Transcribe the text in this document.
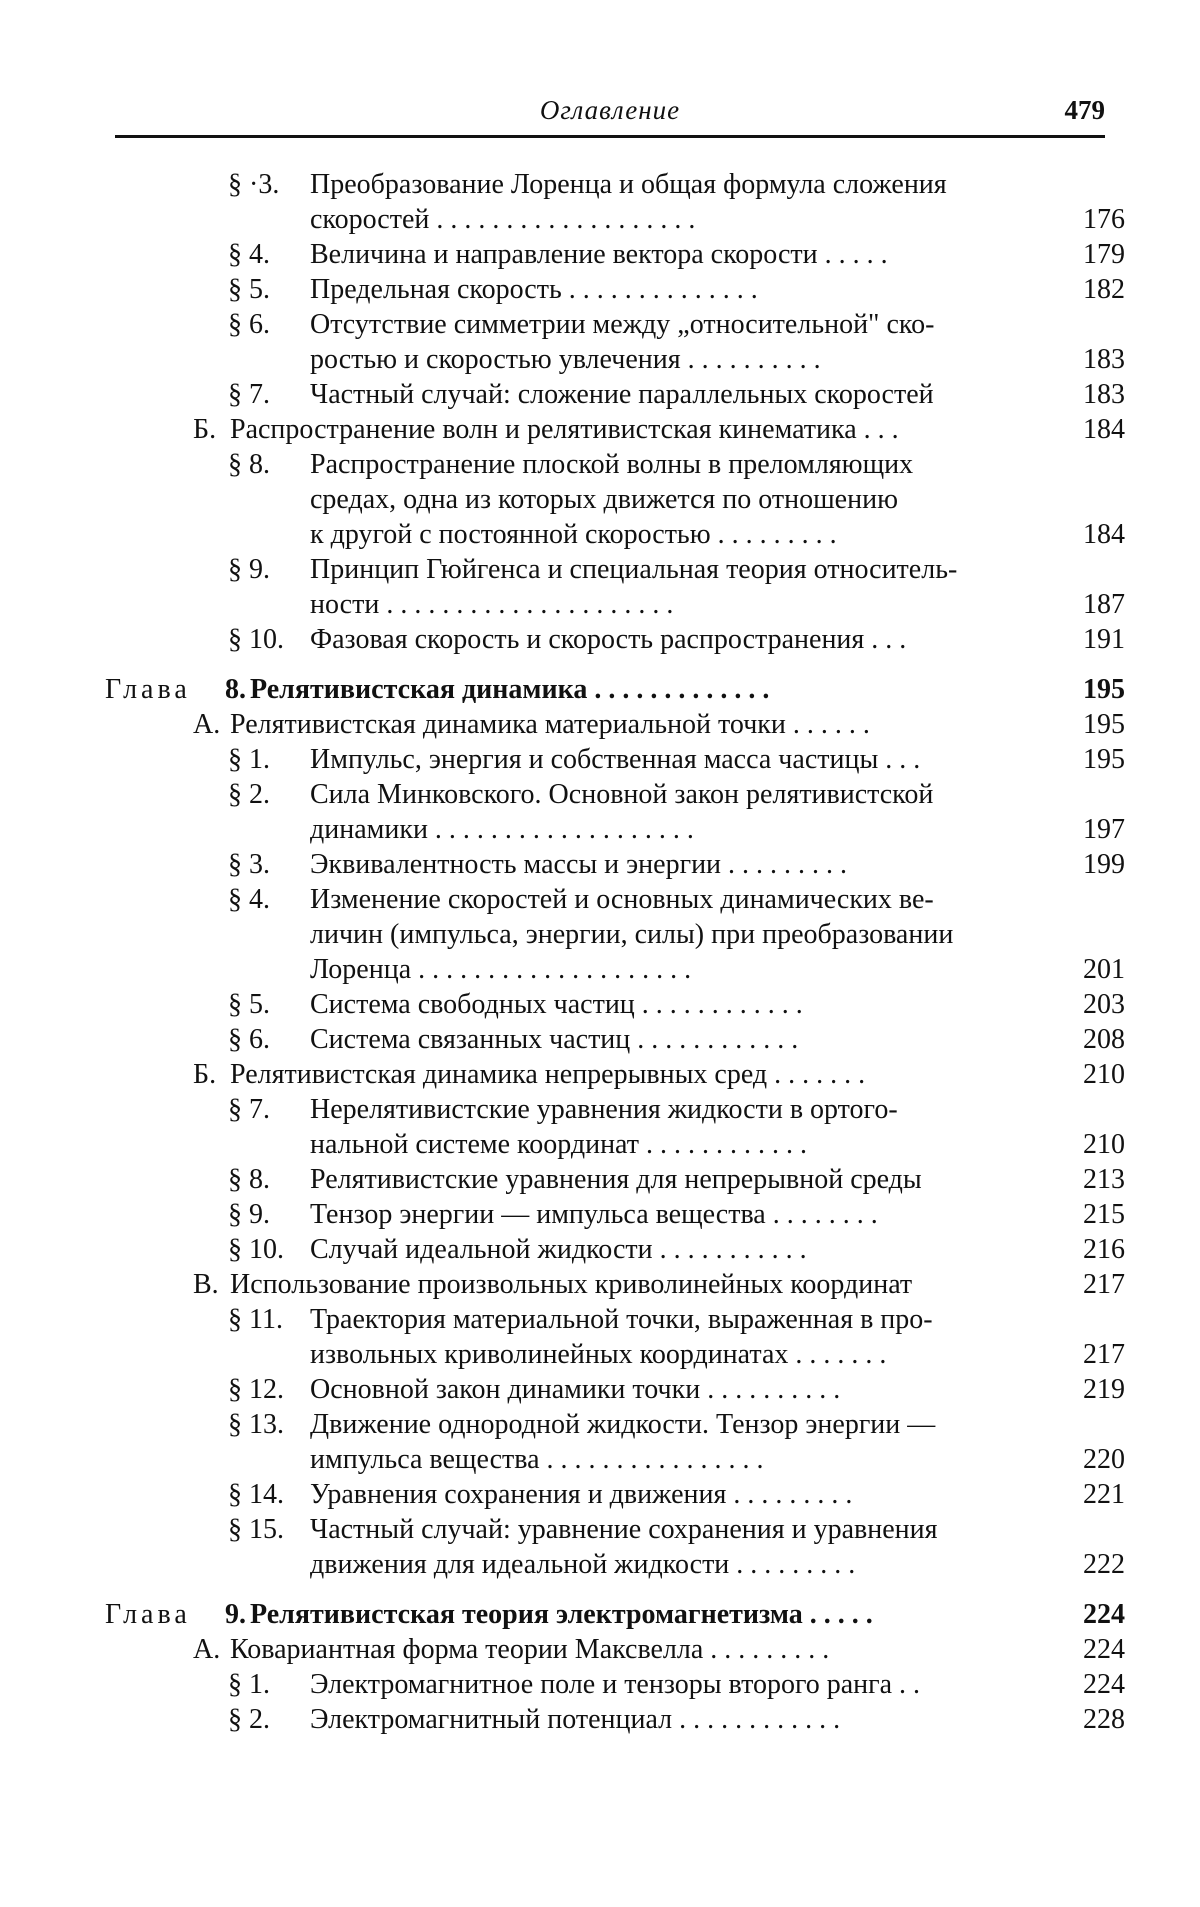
Оглавление	479
§ ·3. Преобразование Лоренца и общая формула сложения
скоростей . . . . . . . . . . . . . . . . . . .	176
§ 4. Величина и направление вектора скорости . . . . .	179
§ 5. Предельная скорость . . . . . . . . . . . . . .	182
§ 6. Отсутствие симметрии между „относительной" ско-
ростью и скоростью увлечения . . . . . . . . . .	183
§ 7. Частный случай: сложение параллельных скоростей	183
Б. Распространение волн и релятивистская кинематика . . .	184
§ 8. Распространение плоской волны в преломляющих
средах, одна из которых движется по отношению
к другой с постоянной скоростью . . . . . . . . .	184
§ 9. Принцип Гюйгенса и специальная теория относитель-
ности . . . . . . . . . . . . . . . . . . . . .	187
§ 10. Фазовая скорость и скорость распространения . . .	191
Глава 8. Релятивистская динамика . . . . . . . . . . . . .	195
А. Релятивистская динамика материальной точки . . . . . .	195
§ 1. Импульс, энергия и собственная масса частицы . . .	195
§ 2. Сила Минковского. Основной закон релятивистской
динамики . . . . . . . . . . . . . . . . . . .	197
§ 3. Эквивалентность массы и энергии . . . . . . . . .	199
§ 4. Изменение скоростей и основных динамических ве-
личин (импульса, энергии, силы) при преобразовании
Лоренца . . . . . . . . . . . . . . . . . . . .	201
§ 5. Система свободных частиц . . . . . . . . . . . .	203
§ 6. Система связанных частиц . . . . . . . . . . . .	208
Б. Релятивистская динамика непрерывных сред . . . . . . .	210
§ 7. Нерелятивистские уравнения жидкости в ортого-
нальной системе координат . . . . . . . . . . . .	210
§ 8. Релятивистские уравнения для непрерывной среды	213
§ 9. Тензор энергии — импульса вещества . . . . . . . .	215
§ 10. Случай идеальной жидкости . . . . . . . . . . .	216
В. Использование произвольных криволинейных координат	217
§ 11. Траектория материальной точки, выраженная в про-
извольных криволинейных координатах . . . . . . .	217
§ 12. Основной закон динамики точки . . . . . . . . . .	219
§ 13. Движение однородной жидкости. Тензор энергии —
импульса вещества . . . . . . . . . . . . . . . .	220
§ 14. Уравнения сохранения и движения . . . . . . . . .	221
§ 15. Частный случай: уравнение сохранения и уравнения
движения для идеальной жидкости . . . . . . . . .	222
Глава 9. Релятивистская теория электромагнетизма . . . . .	224
А. Ковариантная форма теории Максвелла . . . . . . . . .	224
§ 1. Электромагнитное поле и тензоры второго ранга . .	224
§ 2. Электромагнитный потенциал . . . . . . . . . . . .	228
